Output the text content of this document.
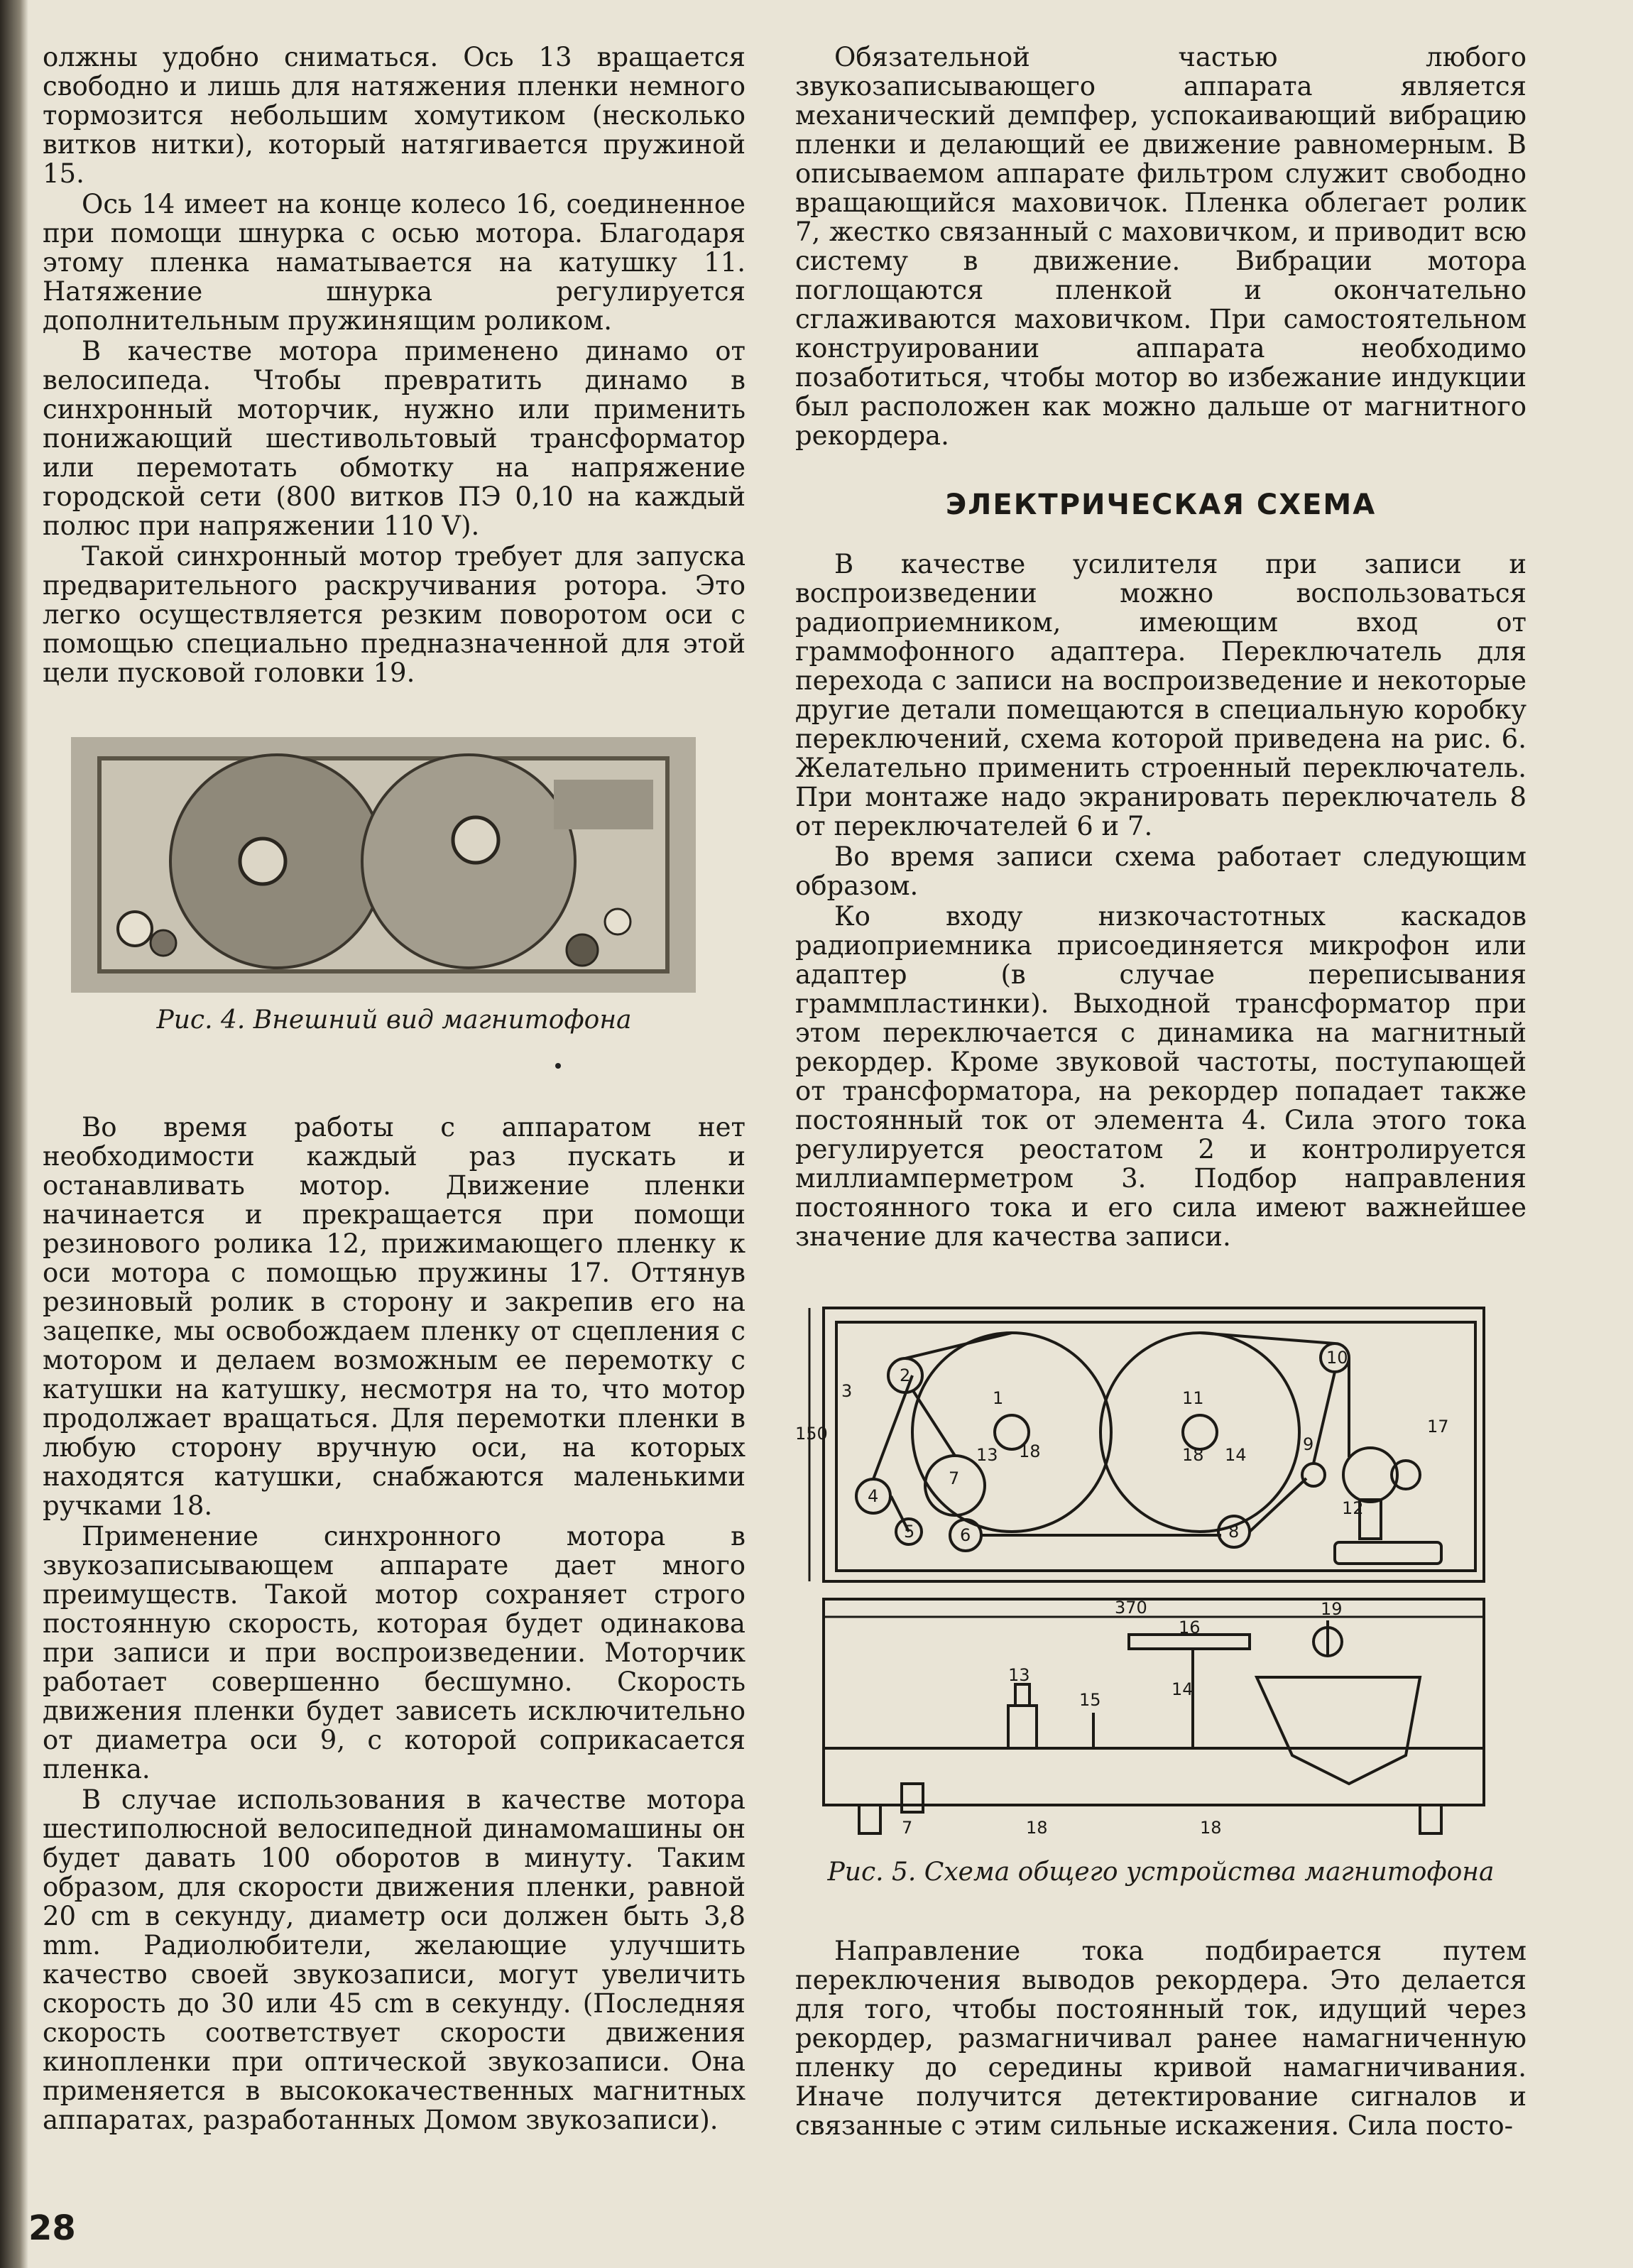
олжны удобно сниматься. Ось 13 вращается свободно и лишь для натяжения пленки немного тормозится небольшим хомутиком (несколько витков нитки), который натягивается пружиной 15.

Ось 14 имеет на конце колесо 16, соединенное при помощи шнурка с осью мотора. Благодаря этому пленка наматывается на катушку 11. Натяжение шнурка регулируется дополнительным пружинящим роликом.

В качестве мотора применено динамо от велосипеда. Чтобы превратить динамо в синхронный моторчик, нужно или применить понижающий шестивольтовый трансформатор или перемотать обмотку на напряжение городской сети (800 витков ПЭ 0,10 на каждый полюс при напряжении 110 V).

Такой синхронный мотор требует для запуска предварительного раскручивания ротора. Это легко осуществляется резким поворотом оси с помощью специально предназначенной для этой цели пусковой головки 19.

Рис. 4. Внешний вид магнитофона

Во время работы с аппаратом нет необходимости каждый раз пускать и останавливать мотор. Движение пленки начинается и прекращается при помощи резинового ролика 12, прижимающего пленку к оси мотора с помощью пружины 17. Оттянув резиновый ролик в сторону и закрепив его на зацепке, мы освобождаем пленку от сцепления с мотором и делаем возможным ее перемотку с катушки на катушку, несмотря на то, что мотор продолжает вращаться. Для перемотки пленки в любую сторону вручную оси, на которых находятся катушки, снабжаются маленькими ручками 18.

Применение синхронного мотора в звукозаписывающем аппарате дает много преимуществ. Такой мотор сохраняет строго постоянную скорость, которая будет одинакова при записи и при воспроизведении. Моторчик работает совершенно бесшумно. Скорость движения пленки будет зависеть исключительно от диаметра оси 9, с которой соприкасается пленка.

В случае использования в качестве мотора шестиполюсной велосипедной динамомашины он будет давать 100 оборотов в минуту. Таким образом, для скорости движения пленки, равной 20 cm в секунду, диаметр оси должен быть 3,8 mm. Радиолюбители, желающие улучшить качество своей звукозаписи, могут увеличить скорость до 30 или 45 cm в секунду. (Последняя скорость соответствует скорости движения кинопленки при оптической звукозаписи. Она применяется в высококачественных магнитных аппаратах, разработанных Домом звукозаписи).

28

Обязательной частью любого звукозаписывающего аппарата является механический демпфер, успокаивающий вибрацию пленки и делающий ее движение равномерным. В описываемом аппарате фильтром служит свободно вращающийся маховичок. Пленка облегает ролик 7, жестко связанный с маховичком, и приводит всю систему в движение. Вибрации мотора поглощаются пленкой и окончательно сглаживаются маховичком. При самостоятельном конструировании аппарата необходимо позаботиться, чтобы мотор во избежание индукции был расположен как можно дальше от магнитного рекордера.

ЭЛЕКТРИЧЕСКАЯ СХЕМА

В качестве усилителя при записи и воспроизведении можно воспользоваться радиоприемником, имеющим вход от граммофонного адаптера. Переключатель для перехода с записи на воспроизведение и некоторые другие детали помещаются в специальную коробку переключений, схема которой приведена на рис. 6. Желательно применить строенный переключатель. При монтаже надо экранировать переключатель 8 от переключателей 6 и 7.

Во время записи схема работает следующим образом.

Ко входу низкочастотных каскадов радиоприемника присоединяется микрофон или адаптер (в случае переписывания граммпластинки). Выходной трансформатор при этом переключается с динамика на магнитный рекордер. Кроме звуковой частоты, поступающей от трансформатора, на рекордер попадает также постоянный ток от элемента 4. Сила этого тока регулируется реостатом 2 и контролируется миллиамперметром 3. Подбор направления постоянного тока и его сила имеют важнейшее значение для качества записи.

1	11
2
3
4
5	6
7
8
9
10
12
13	14
18	18
17
150
370
16
19
13
15
14
7	18	18
Рис. 5. Схема общего устройства магнитофона

Направление тока подбирается путем переключения выводов рекордера. Это делается для того, чтобы постоянный ток, идущий через рекордер, размагничивал ранее намагниченную пленку до середины кривой намагничивания. Иначе получится детектирование сигналов и связанные с этим сильные искажения. Сила посто-
